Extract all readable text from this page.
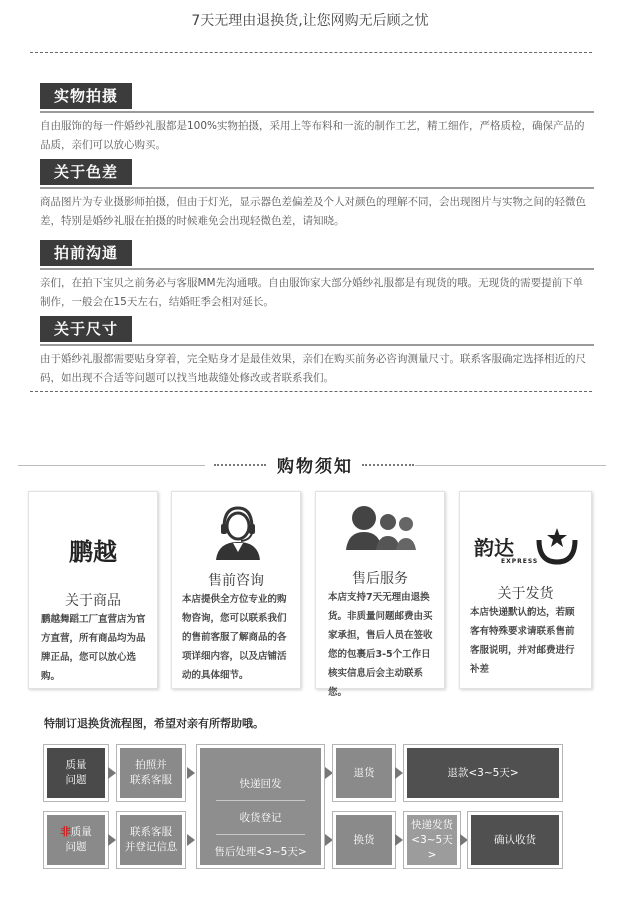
7天无理由退换货,让您网购无后顾之忧
实物拍摄
自由服饰的每一件婚纱礼服都是100%实物拍摄，采用上等布料和一流的制作工艺，精工细作，严格质检，确保产品的品质，亲们可以放心购买。
关于色差
商品图片为专业摄影师拍摄，但由于灯光，显示器色差偏差及个人对颜色的理解不同，会出现图片与实物之间的轻微色差，特别是婚纱礼服在拍摄的时候难免会出现轻微色差，请知晓。
拍前沟通
亲们，在拍下宝贝之前务必与客服MM先沟通哦。自由服饰家大部分婚纱礼服都是有现货的哦。无现货的需要提前下单制作，一般会在15天左右，结婚旺季会相对延长。
关于尺寸
由于婚纱礼服都需要贴身穿着，完全贴身才是最佳效果，亲们在购买前务必咨询测量尺寸。联系客服确定选择相近的尺码，如出现不合适等问题可以找当地裁缝处修改或者联系我们。
购物须知
鹏越
关于商品
鹏越舞蹈工厂直营店为官方直营，所有商品均为品牌正品，您可以放心选购。
售前咨询
本店提供全方位专业的购物咨询，您可以联系我们的售前客服了解商品的各项详细内容，以及店铺活动的具体细节。
售后服务
本店支持7天无理由退换货。非质量问题邮费由买家承担，售后人员在签收您的包裹后3-5个工作日核实信息后会主动联系您。
韵达
EXPRESS
关于发货
本店快递默认韵达，若顾客有特殊要求请联系售前客服说明，并对邮费进行补差
特制订退换货流程图，希望对亲有所帮助哦。
质量
问题
拍照并
联系客服
非质量
问题
联系客服
并登记信息
快递回发
收货登记
售后处理<3~5天>
退货	退款<3~5天>
换货
快递发货
<3~5天>
确认收货
